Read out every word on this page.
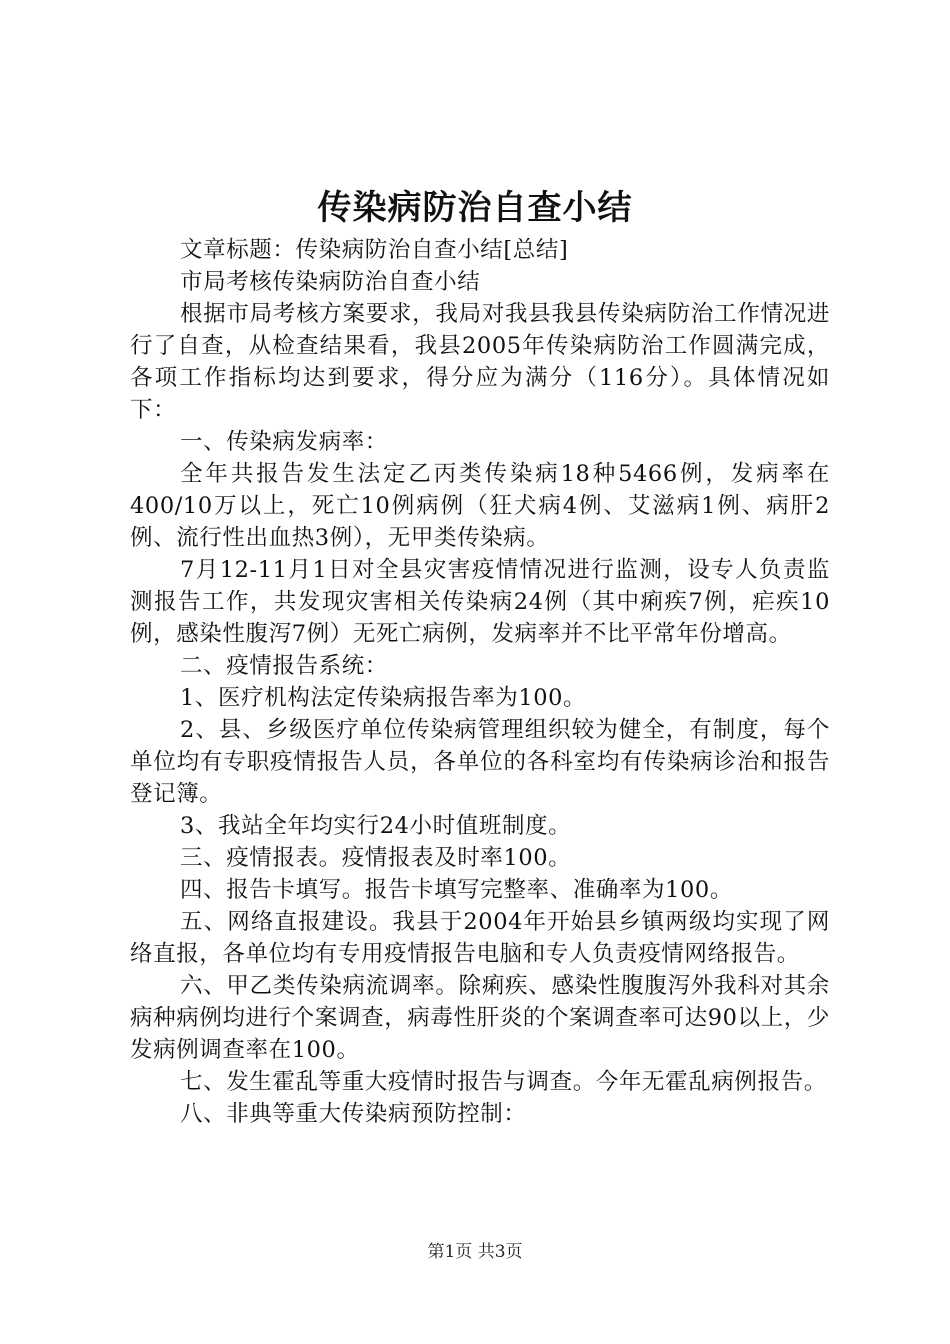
传染病防治自查小结

文章标题：传染病防治自查小结[总结]

市局考核传染病防治自查小结

根据市局考核方案要求，我局对我县我县传染病防治工作情况进行了自查，从检查结果看，我县2005年传染病防治工作圆满完成，各项工作指标均达到要求，得分应为满分（116分）。具体情况如下：

一、传染病发病率：

全年共报告发生法定乙丙类传染病18种5466例，发病率在400/10万以上，死亡10例病例（狂犬病4例、艾滋病1例、病肝2例、流行性出血热3例），无甲类传染病。

7月12-11月1日对全县灾害疫情情况进行监测，设专人负责监测报告工作，共发现灾害相关传染病24例（其中痢疾7例，疟疾10例，感染性腹泻7例）无死亡病例，发病率并不比平常年份增高。

二、疫情报告系统：

1、医疗机构法定传染病报告率为100。

2、县、乡级医疗单位传染病管理组织较为健全，有制度，每个单位均有专职疫情报告人员，各单位的各科室均有传染病诊治和报告登记簿。

3、我站全年均实行24小时值班制度。

三、疫情报表。疫情报表及时率100。

四、报告卡填写。报告卡填写完整率、准确率为100。

五、网络直报建设。我县于2004年开始县乡镇两级均实现了网络直报，各单位均有专用疫情报告电脑和专人负责疫情网络报告。

六、甲乙类传染病流调率。除痢疾、感染性腹腹泻外我科对其余病种病例均进行个案调查，病毒性肝炎的个案调查率可达90以上，少发病例调查率在100。

七、发生霍乱等重大疫情时报告与调查。今年无霍乱病例报告。

八、非典等重大传染病预防控制：

第1页 共3页
